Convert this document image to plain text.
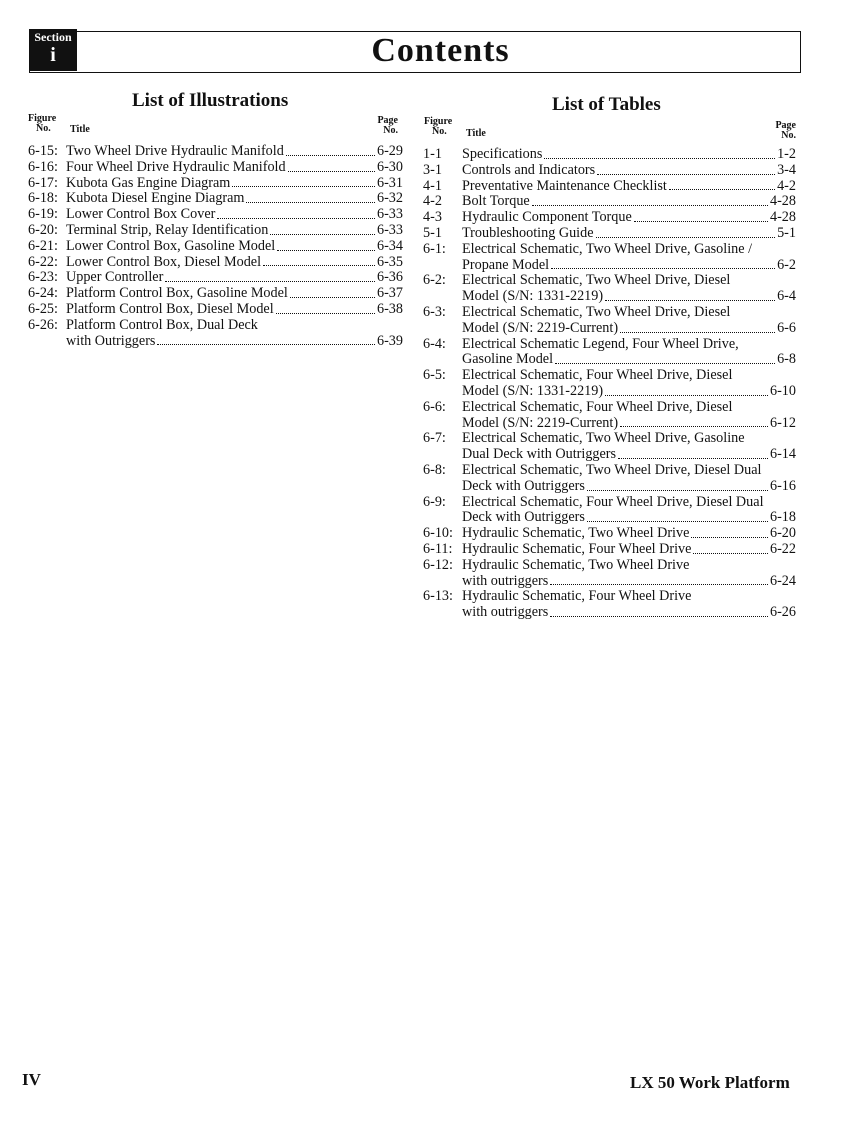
Section
i	Contents
List of Illustrations
Figure
No.	Title
Page
No.
6-15: Two Wheel Drive Hydraulic Manifold	6-29
6-16: Four Wheel Drive Hydraulic Manifold	6-30
6-17: Kubota Gas Engine Diagram	6-31
6-18: Kubota Diesel Engine Diagram	6-32
6-19: Lower Control Box Cover	6-33
6-20: Terminal Strip, Relay Identification	6-33
6-21: Lower Control Box, Gasoline Model	6-34
6-22: Lower Control Box, Diesel Model	6-35
6-23: Upper Controller	6-36
6-24: Platform Control Box, Gasoline Model	6-37
6-25: Platform Control Box, Diesel Model	6-38
6-26: Platform Control Box, Dual Deck
with Outriggers	6-39
List of Tables
Figure
No.	Title
Page
No.
1-1	Specifications	1-2
3-1	Controls and Indicators	3-4
4-1	Preventative Maintenance Checklist	4-2
4-2	Bolt Torque	4-28
4-3	Hydraulic Component Torque	4-28
5-1	Troubleshooting Guide	5-1
6-1:	Electrical Schematic, Two Wheel Drive, Gasoline /
Propane Model	6-2
6-2:	Electrical Schematic, Two Wheel Drive, Diesel
Model (S/N: 1331-2219)	6-4
6-3:	Electrical Schematic, Two Wheel Drive, Diesel
Model (S/N: 2219-Current)	6-6
6-4:	Electrical Schematic Legend, Four Wheel Drive,
Gasoline Model	6-8
6-5:	Electrical Schematic, Four Wheel Drive, Diesel
Model (S/N: 1331-2219)	6-10
6-6:	Electrical Schematic, Four Wheel Drive, Diesel
Model (S/N: 2219-Current)	6-12
6-7:	Electrical Schematic, Two Wheel Drive, Gasoline
Dual Deck with Outriggers	6-14
6-8:	Electrical Schematic, Two Wheel Drive, Diesel Dual
Deck with Outriggers	6-16
6-9:	Electrical Schematic, Four Wheel Drive, Diesel Dual
Deck with Outriggers	6-18
6-10: Hydraulic Schematic, Two Wheel Drive	6-20
6-11: Hydraulic Schematic, Four Wheel Drive	6-22
6-12: Hydraulic Schematic, Two Wheel Drive
with outriggers	6-24
6-13: Hydraulic Schematic, Four Wheel Drive
with outriggers	6-26
IV	LX 50 Work Platform
